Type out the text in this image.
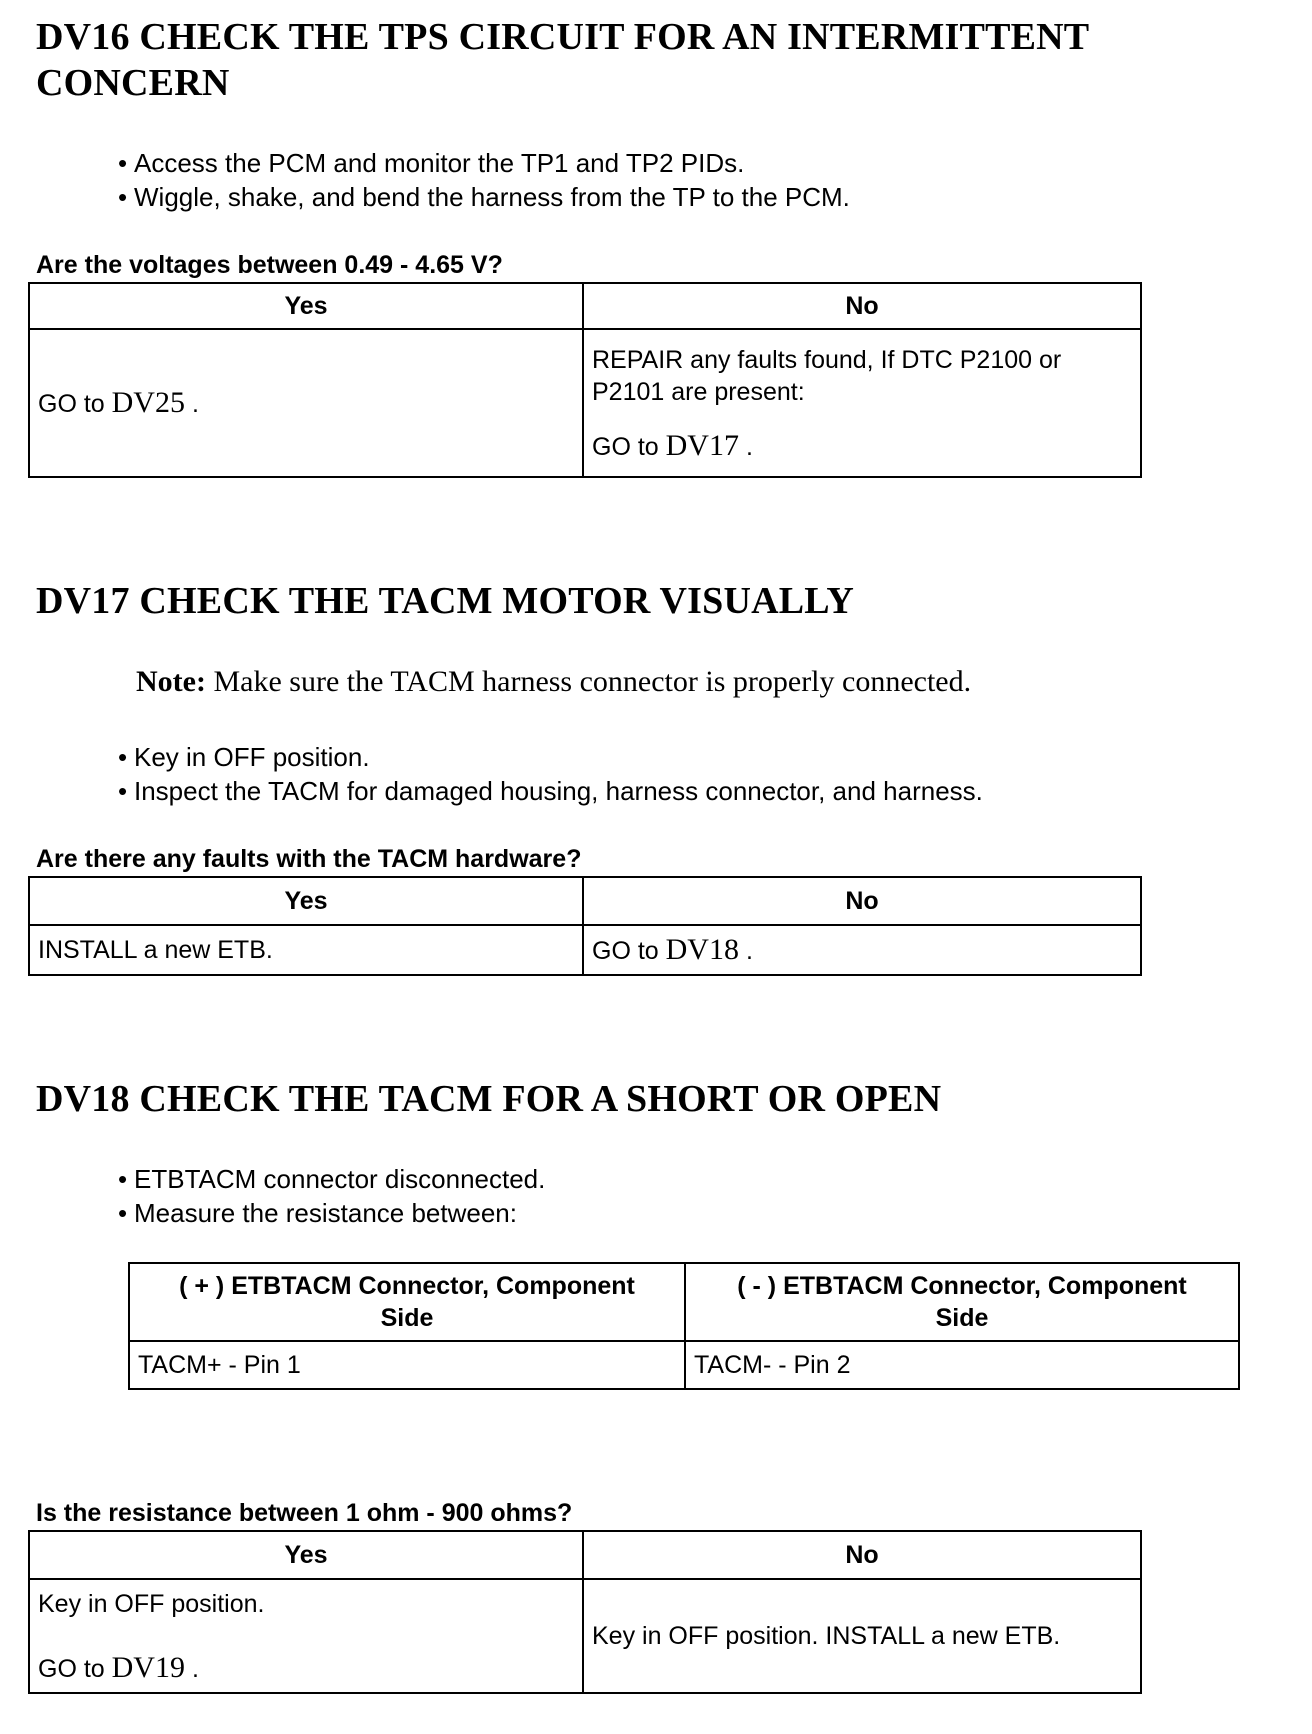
DV16 CHECK THE TPS CIRCUIT FOR AN INTERMITTENT
CONCERN
• Access the PCM and monitor the TP1 and TP2 PIDs.
• Wiggle, shake, and bend the harness from the TP to the PCM.

Are the voltages between 0.49 - 4.65 V?

Yes	No
GO to DV25 .	REPAIR any faults found, If DTC P2100 or
P2101 are present:
GO to DV17 .
DV17 CHECK THE TACM MOTOR VISUALLY

Note: Make sure the TACM harness connector is properly connected.

• Key in OFF position.
• Inspect the TACM for damaged housing, harness connector, and harness.

Are there any faults with the TACM hardware?

Yes	No
INSTALL a new ETB.	GO to DV18 .
DV18 CHECK THE TACM FOR A SHORT OR OPEN
• ETBTACM connector disconnected.
• Measure the resistance between:
( + ) ETBTACM Connector, Component
Side	( - ) ETBTACM Connector, Component
Side
TACM+ - Pin 1	TACM- - Pin 2

Is the resistance between 1 ohm - 900 ohms?

Yes	No

Key in OFF position.
GO to DV19 .	Key in OFF position. INSTALL a new ETB.
